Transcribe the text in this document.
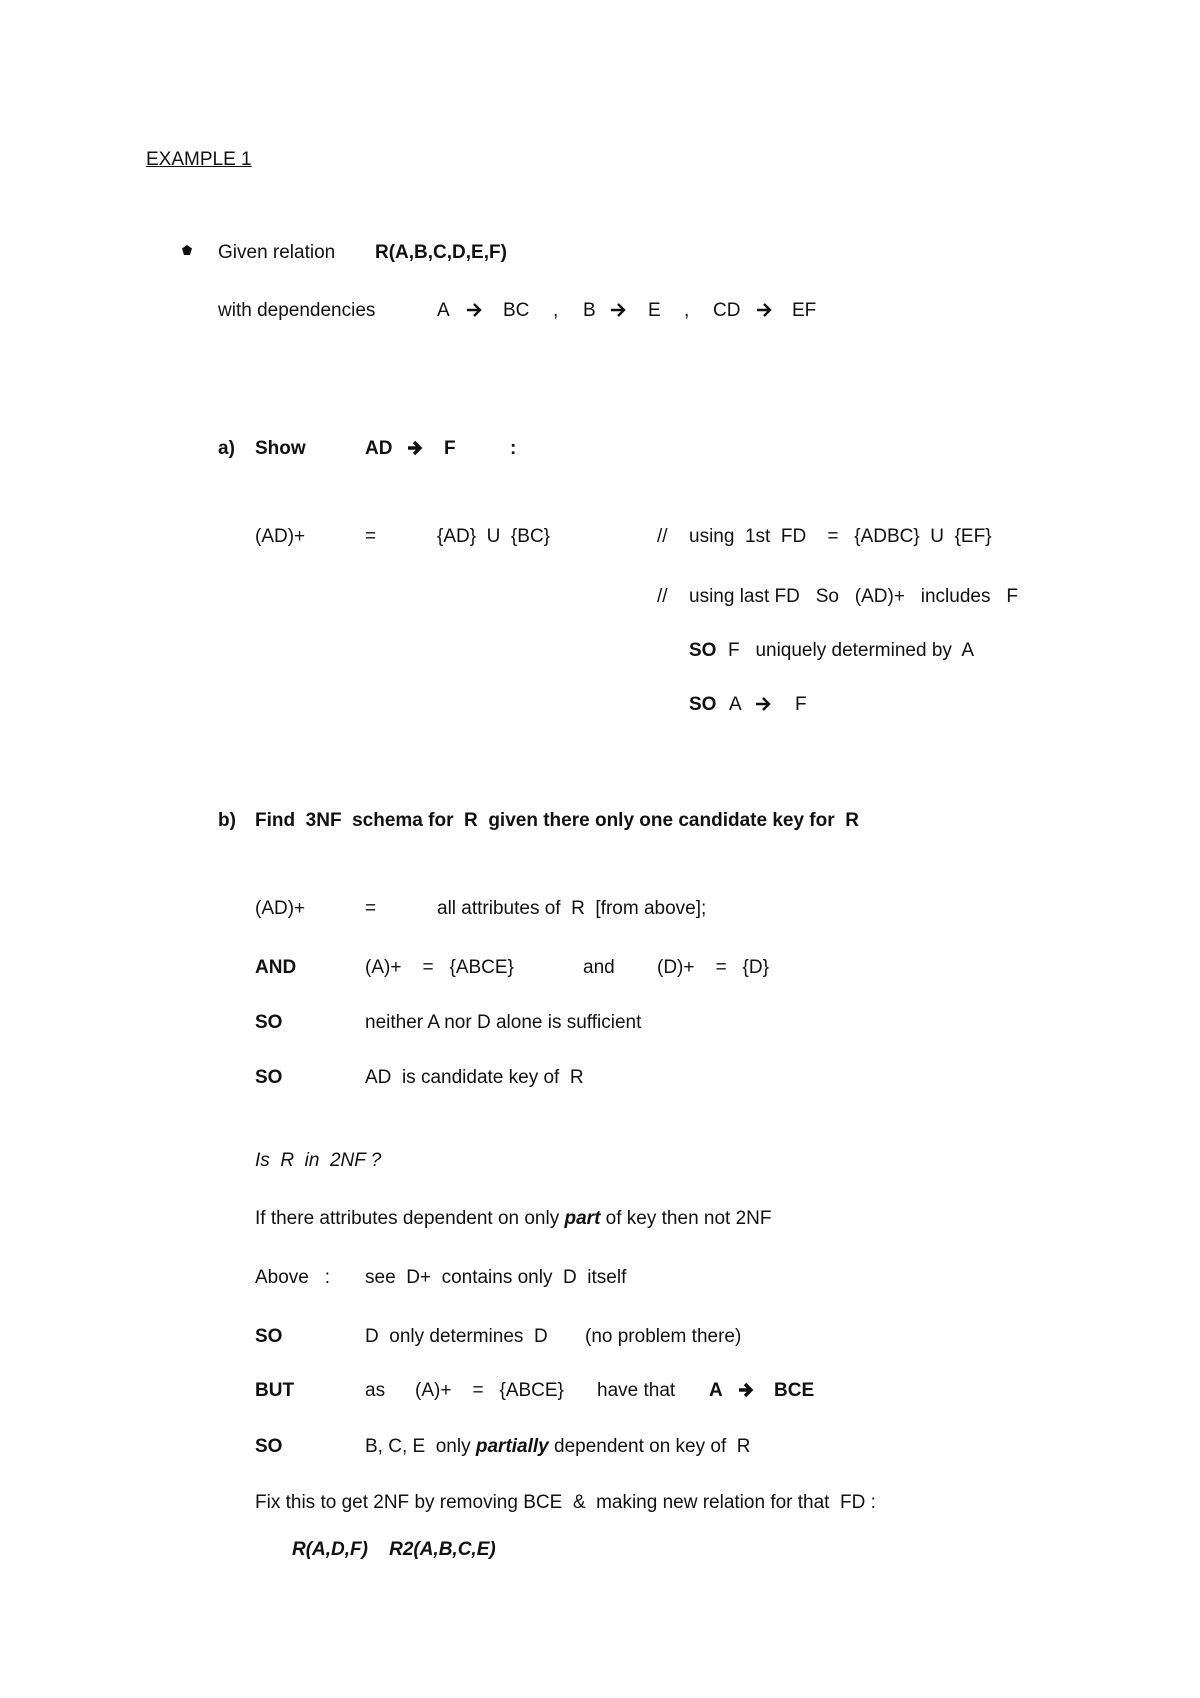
EXAMPLE 1
Given relation R(A,B,C,D,E,F)
with dependencies	A	BC , B	E , CD	EF
a) Show	AD	F	:
(AD)+	=	{AD}  U  {BC}	// using  1st  FD    =   {ADBC}  U  {EF}
// using last FD   So   (AD)+   includes   F
SO F   uniquely determined by  A
SO A	F
b) Find  3NF  schema for  R  given there only one candidate key for  R
(AD)+	=	all attributes of  R  [from above];
AND	(A)+    =   {ABCE}	and (D)+    =   {D}
SO	neither A nor D alone is sufficient
SO	AD  is candidate key of  R
Is  R  in  2NF ?
If there attributes dependent on only part of key then not 2NF
Above   : see  D+  contains only  D  itself
SO	D  only determines  D (no problem there)
BUT	as (A)+    =   {ABCE} have that A	BCE
SO	B, C, E  only partially dependent on key of  R
Fix this to get 2NF by removing BCE  &  making new relation for that  FD :
R(A,D,F)    R2(A,B,C,E)
